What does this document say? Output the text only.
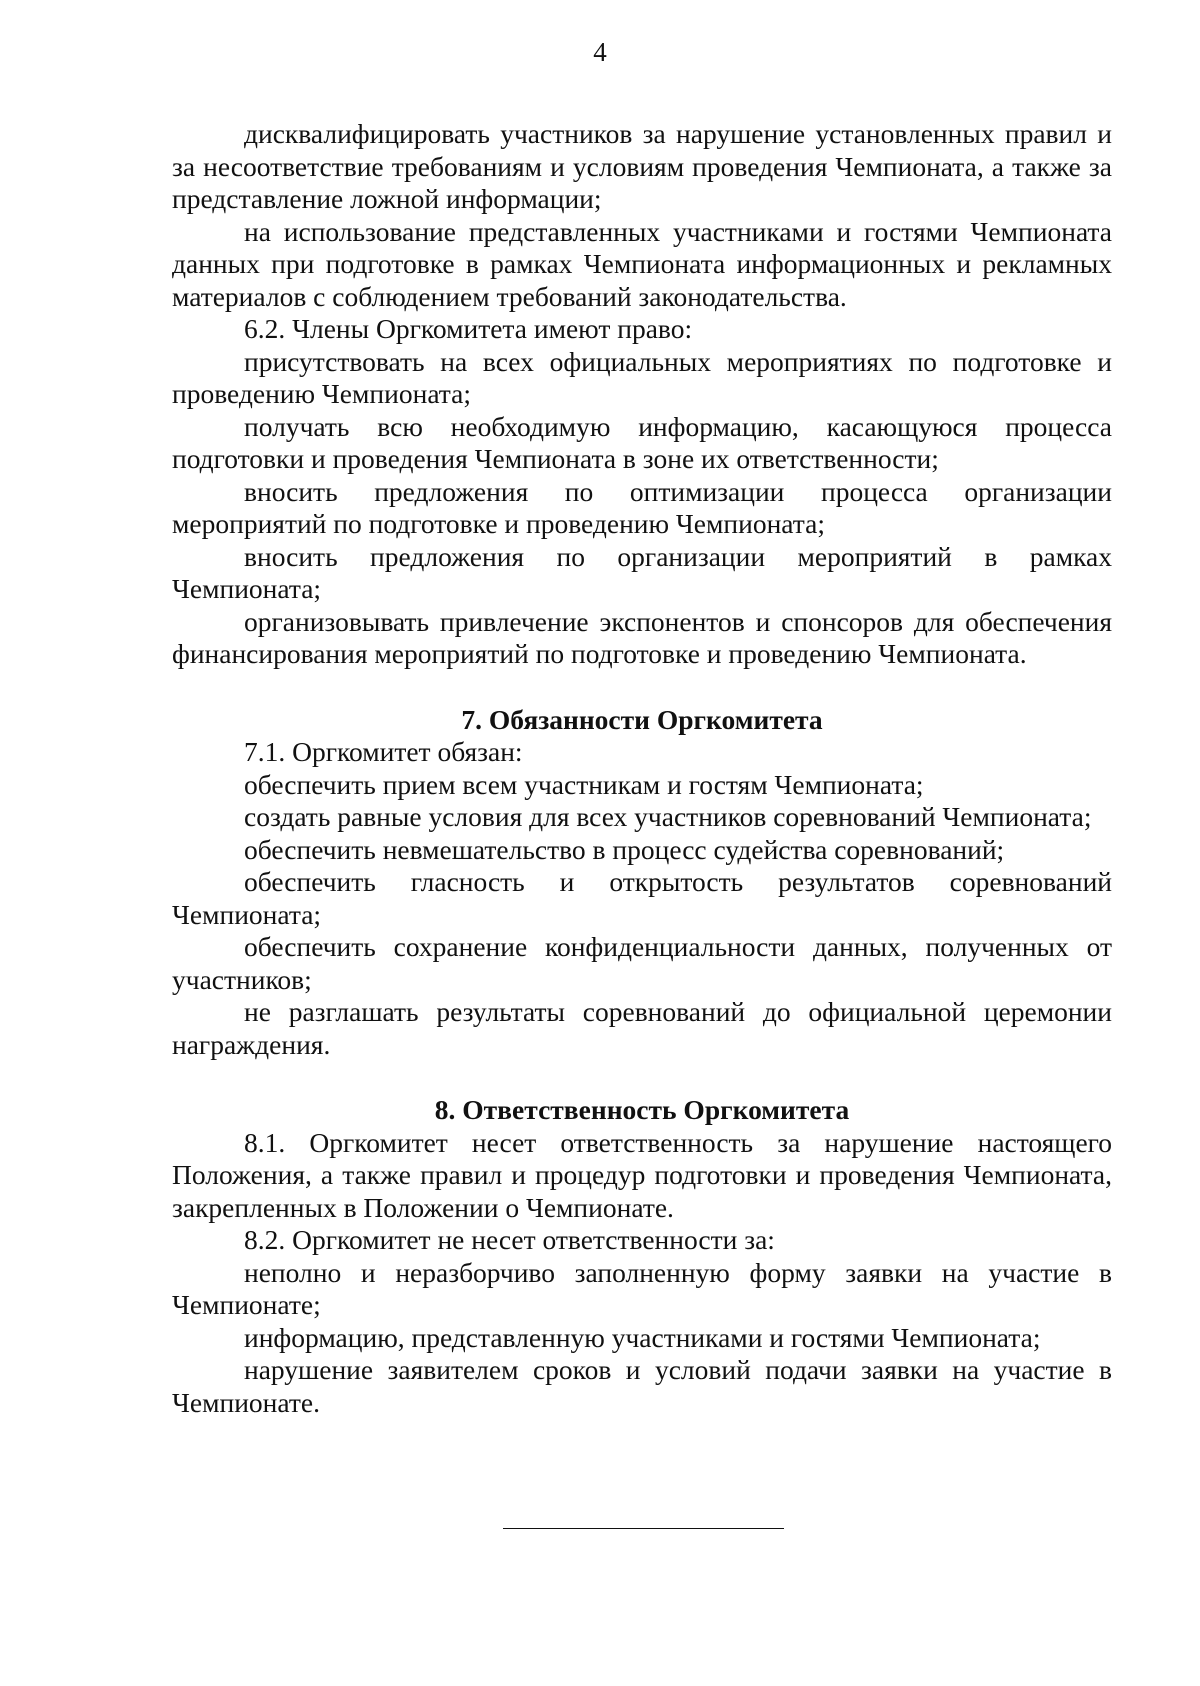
4

дисквалифицировать участников за нарушение установленных правил и за несоответствие требованиям и условиям проведения Чемпионата, а также за представление ложной информации;

на использование представленных участниками и гостями Чемпионата данных при подготовке в рамках Чемпионата информационных и рекламных материалов с соблюдением требований законодательства.

6.2. Члены Оргкомитета имеют право:

присутствовать на всех официальных мероприятиях по подготовке и проведению Чемпионата;

получать всю необходимую информацию, касающуюся процесса подготовки и проведения Чемпионата в зоне их ответственности;

вносить предложения по оптимизации процесса организации мероприятий по подготовке и проведению Чемпионата;

вносить предложения по организации мероприятий в рамках Чемпионата;

организовывать привлечение экспонентов и спонсоров для обеспечения финансирования мероприятий по подготовке и проведению Чемпионата.

7. Обязанности Оргкомитета

7.1. Оргкомитет обязан:

обеспечить прием всем участникам и гостям Чемпионата;

создать равные условия для всех участников соревнований Чемпионата;

обеспечить невмешательство в процесс судейства соревнований;

обеспечить гласность и открытость результатов соревнований Чемпионата;

обеспечить сохранение конфиденциальности данных, полученных от участников;

не разглашать результаты соревнований до официальной церемонии награждения.

8. Ответственность Оргкомитета

8.1. Оргкомитет несет ответственность за нарушение настоящего Положения, а также правил и процедур подготовки и проведения Чемпионата, закрепленных в Положении о Чемпионате.

8.2. Оргкомитет не несет ответственности за:

неполно и неразборчиво заполненную форму заявки на участие в Чемпионате;

информацию, представленную участниками и гостями Чемпионата;

нарушение заявителем сроков и условий подачи заявки на участие в Чемпионате.
